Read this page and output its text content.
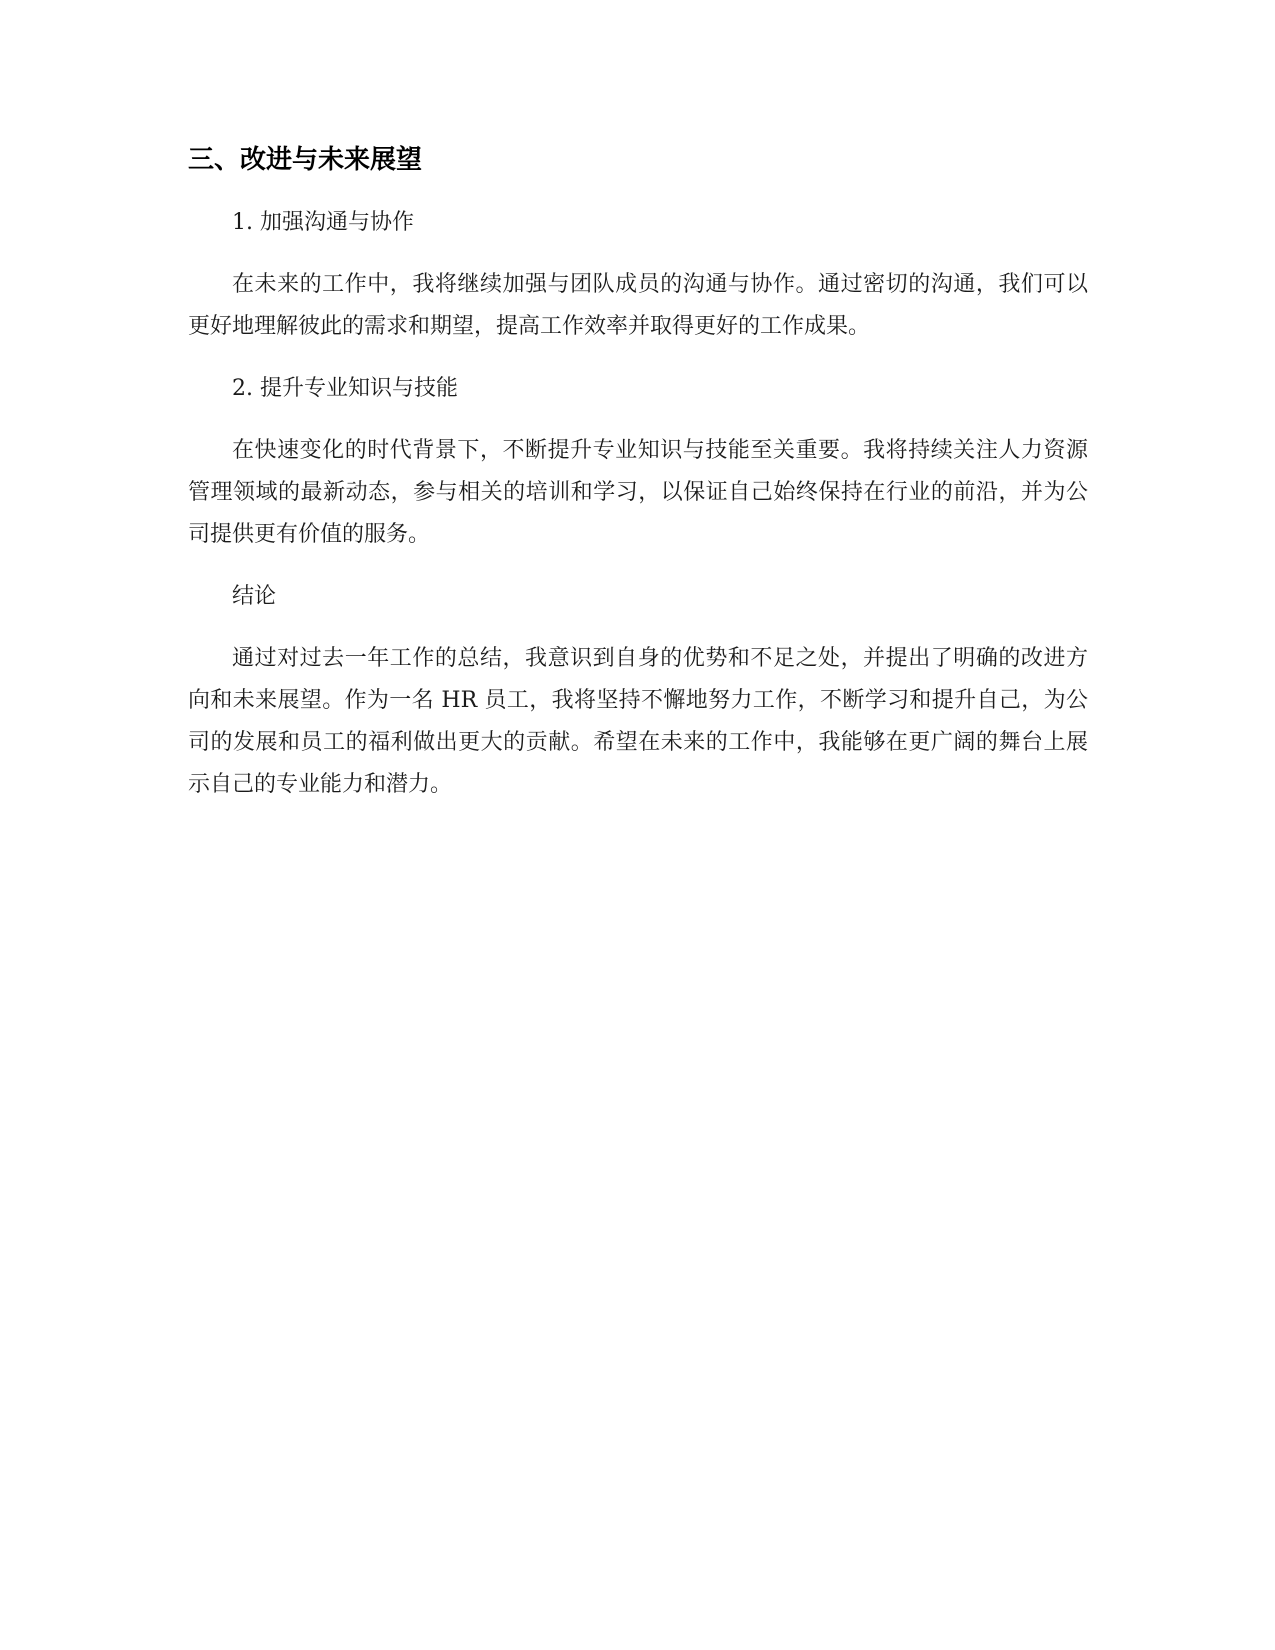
三、改进与未来展望

1. 加强沟通与协作

在未来的工作中，我将继续加强与团队成员的沟通与协作。通过密切的沟通，我们可以更好地理解彼此的需求和期望，提高工作效率并取得更好的工作成果。

2. 提升专业知识与技能

在快速变化的时代背景下，不断提升专业知识与技能至关重要。我将持续关注人力资源管理领域的最新动态，参与相关的培训和学习，以保证自己始终保持在行业的前沿，并为公司提供更有价值的服务。

结论

通过对过去一年工作的总结，我意识到自身的优势和不足之处，并提出了明确的改进方向和未来展望。作为一名 HR 员工，我将坚持不懈地努力工作，不断学习和提升自己，为公司的发展和员工的福利做出更大的贡献。希望在未来的工作中，我能够在更广阔的舞台上展示自己的专业能力和潜力。
